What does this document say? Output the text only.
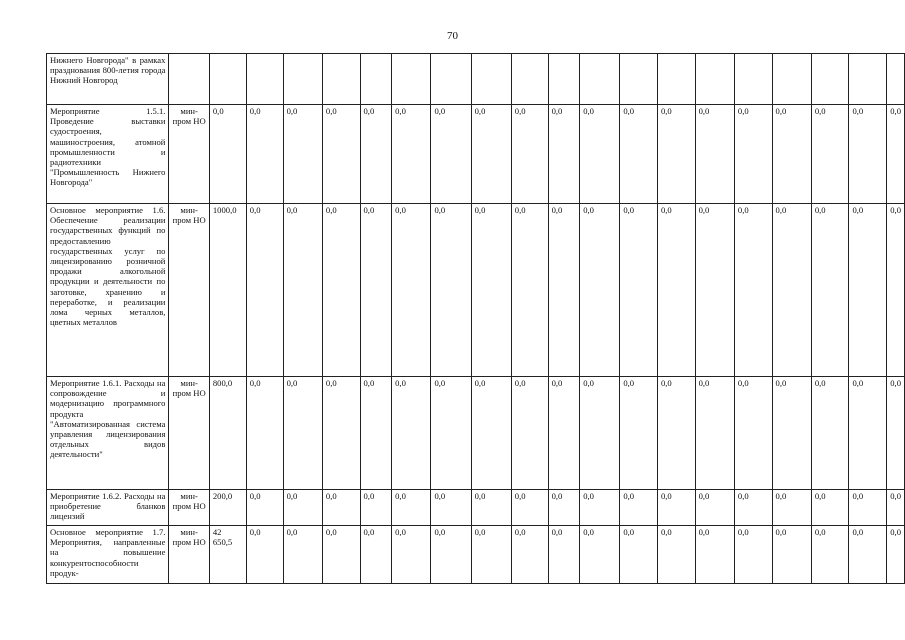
70
Нижнего Новгорода" в рамках празднования 800-летия города Нижний Новгород																				
Мероприятие 1.5.1. Проведение выставки судостроения, машиностроения, атомной промышленности и радиотехники "Промышленность Нижнего Новгорода"	мин-пром НО	0,0	0,0	0,0	0,0	0,0	0,0	0,0	0,0	0,0	0,0	0,0	0,0	0,0	0,0	0,0	0,0	0,0	0,0	0,0
Основное мероприятие 1.6. Обеспечение реализации государственных функций по предоставлению государственных услуг по лицензированию розничной продажи алкогольной продукции и деятельности по заготовке, хранению и переработке, и реализации лома черных металлов, цветных металлов	мин-пром НО	1000,0	0,0	0,0	0,0	0,0	0,0	0,0	0,0	0,0	0,0	0,0	0,0	0,0	0,0	0,0	0,0	0,0	0,0	0,0
Мероприятие 1.6.1. Расходы на сопровождение и модернизацию программного продукта "Автоматизированная система управления лицензирования отдельных видов деятельности"	мин-пром НО	800,0	0,0	0,0	0,0	0,0	0,0	0,0	0,0	0,0	0,0	0,0	0,0	0,0	0,0	0,0	0,0	0,0	0,0	0,0
Мероприятие 1.6.2. Расходы на приобретение бланков лицензий	мин-пром НО	200,0	0,0	0,0	0,0	0,0	0,0	0,0	0,0	0,0	0,0	0,0	0,0	0,0	0,0	0,0	0,0	0,0	0,0	0,0
Основное мероприятие 1.7. Мероприятия, направленные на повышение конкурентоспособности продук-	мин-пром НО	42 650,5	0,0	0,0	0,0	0,0	0,0	0,0	0,0	0,0	0,0	0,0	0,0	0,0	0,0	0,0	0,0	0,0	0,0	0,0
